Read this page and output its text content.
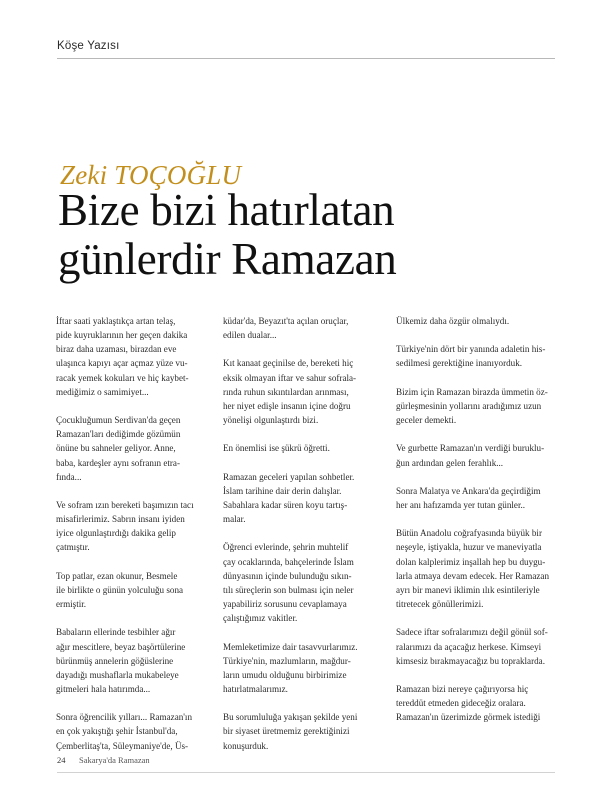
Köşe Yazısı
Zeki TOÇOĞLU
Bize bizi hatırlatan
günlerdir Ramazan

İftar saati yaklaştıkça artan telaş,
pide kuyruklarının her geçen dakika
biraz daha uzaması, birazdan eve
ulaşınca kapıyı açar açmaz yüze vu-
racak yemek kokuları ve hiç kaybet-
mediğimiz o samimiyet...

Çocukluğumun Serdivan'da geçen
Ramazan'ları dediğimde gözümün
önüne bu sahneler geliyor. Anne,
baba, kardeşler aynı sofranın etra-
fında...

Ve sofram ızın bereketi başımızın tacı
misafirlerimiz. Sabrın insanı iyiden
iyice olgunlaştırdığı dakika gelip
çatmıştır.

Top patlar, ezan okunur, Besmele
ile birlikte o günün yolculuğu sona
ermiştir.

Babaların ellerinde tesbihler ağır
ağır mescitlere, beyaz başörtülerine
bürünmüş annelerin göğüslerine
dayadığı mushaflarla mukabeleye
gitmeleri hala hatırımda...

Sonra öğrencilik yılları... Ramazan'ın
en çok yakıştığı şehir İstanbul'da,
Çemberlitaş'ta, Süleymaniye'de, Üs-

küdar'da, Beyazıt'ta açılan oruçlar,
edilen dualar...

Kıt kanaat geçinilse de, bereketi hiç
eksik olmayan iftar ve sahur sofrala-
rında ruhun sıkıntılardan arınması,
her niyet edişle insanın içine doğru
yönelişi olgunlaştırdı bizi.

En önemlisi ise şükrü öğretti.

Ramazan geceleri yapılan sohbetler.
İslam tarihine dair derin dalışlar.
Sabahlara kadar süren koyu tartış-
malar.

Öğrenci evlerinde, şehrin muhtelif
çay ocaklarında, bahçelerinde İslam
dünyasının içinde bulunduğu sıkın-
tılı süreçlerin son bulması için neler
yapabiliriz sorusunu cevaplamaya
çalıştığımız vakitler.

Memleketimize dair tasavvurlarımız.
Türkiye'nin, mazlumların, mağdur-
ların umudu olduğunu birbirimize
hatırlatmalarımız.

Bu sorumluluğa yakışan şekilde yeni
bir siyaset üretmemiz gerektiğinizi
konuşurduk.

Ülkemiz daha özgür olmalıydı.

Türkiye'nin dört bir yanında adaletin his-
sedilmesi gerektiğine inanıyorduk.

Bizim için Ramazan birazda ümmetin öz-
gürleşmesinin yollarını aradığımız uzun
geceler demekti.

Ve gurbette Ramazan'ın verdiği buruklu-
ğun ardından gelen ferahlık...

Sonra Malatya ve Ankara'da geçirdiğim
her anı hafızamda yer tutan günler..

Bütün Anadolu coğrafyasında büyük bir
neşeyle, iştiyakla, huzur ve maneviyatla
dolan kalplerimiz inşallah hep bu duygu-
larla atmaya devam edecek. Her Ramazan
ayrı bir manevi iklimin ılık esintileriyle
titretecek gönüllerimizi.

Sadece iftar sofralarımızı değil gönül sof-
ralarımızı da açacağız herkese. Kimseyi
kimsesiz bırakmayacağız bu topraklarda.

Ramazan bizi nereye çağırıyorsa hiç
tereddüt etmeden gideceğiz oralara.
Ramazan'ın üzerimizde görmek istediği

24 Sakarya'da Ramazan
